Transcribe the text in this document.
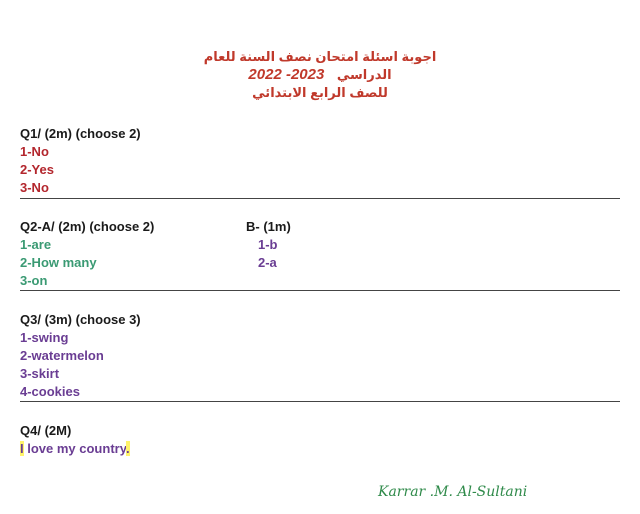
اجوبة اسئلة امتحان نصف السنة للعام
2022 -2023 الدراسي
للصف الرابع الابتدائي
Q1/ (2m) (choose 2)
1-No
2-Yes
3-No
Q2-A/ (2m) (choose 2)
1-are
2-How many
3-on
B- (1m)
1-b
2-a
Q3/ (3m) (choose 3)
1-swing
2-watermelon
3-skirt
4-cookies
Q4/ (2M)
I love my country.
Karrar .M. Al-Sultani
